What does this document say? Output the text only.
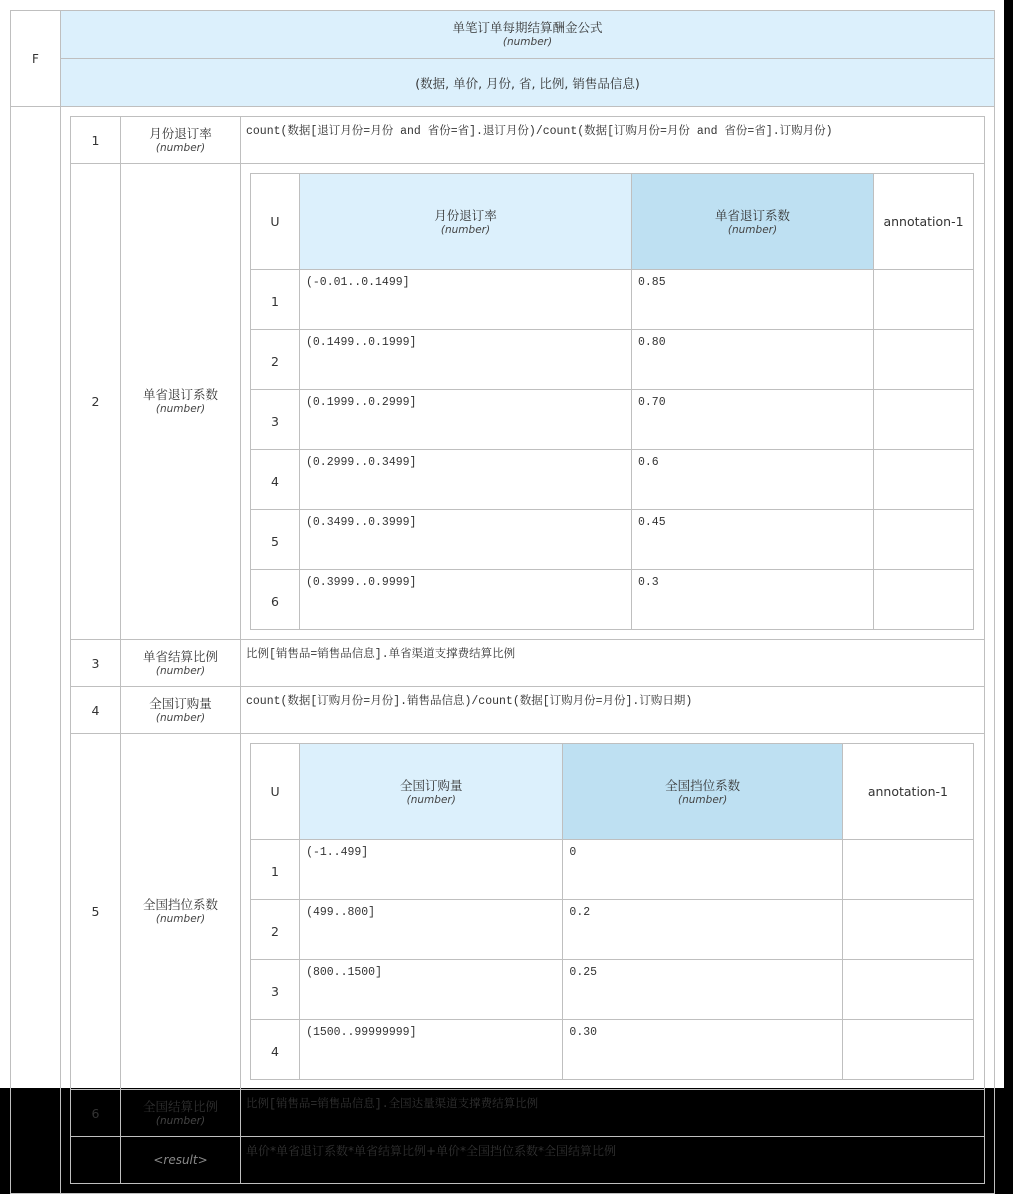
F	
单笔订单每期结算酬金公式
(number)

(数据, 单价, 月份, 省, 比例, 销售品信息)

1	月份退订率
(number)
	count(数据[退订月份=月份 and 省份=省].退订月份)/count(数据[订购月份=月份 and 省份=省].订购月份)
2	单省退订系数
(number)

U	月份退订率
(number)
	单省退订系数
(number)
	annotation-1
1	(-0.01..0.1499]	0.85	
2	(0.1499..0.1999]	0.80	
3	(0.1999..0.2999]	0.70	
4	(0.2999..0.3499]	0.6	
5	(0.3499..0.3999]	0.45	
6	(0.3999..0.9999]	0.3	

3	单省结算比例
(number)
	比例[销售品=销售品信息].单省渠道支撑费结算比例
4	全国订购量
(number)
	count(数据[订购月份=月份].销售品信息)/count(数据[订购月份=月份].订购日期)
5	全国挡位系数
(number)

U	全国订购量
(number)
	全国挡位系数
(number)
	annotation-1
1	(-1..499]	0	
2	(499..800]	0.2	
3	(800..1500]	0.25	
4	(1500..99999999]	0.30	

6	全国结算比例
(number)
	比例[销售品=销售品信息].全国达量渠道支撑费结算比例
	<result>	单价*单省退订系数*单省结算比例+单价*全国挡位系数*全国结算比例
